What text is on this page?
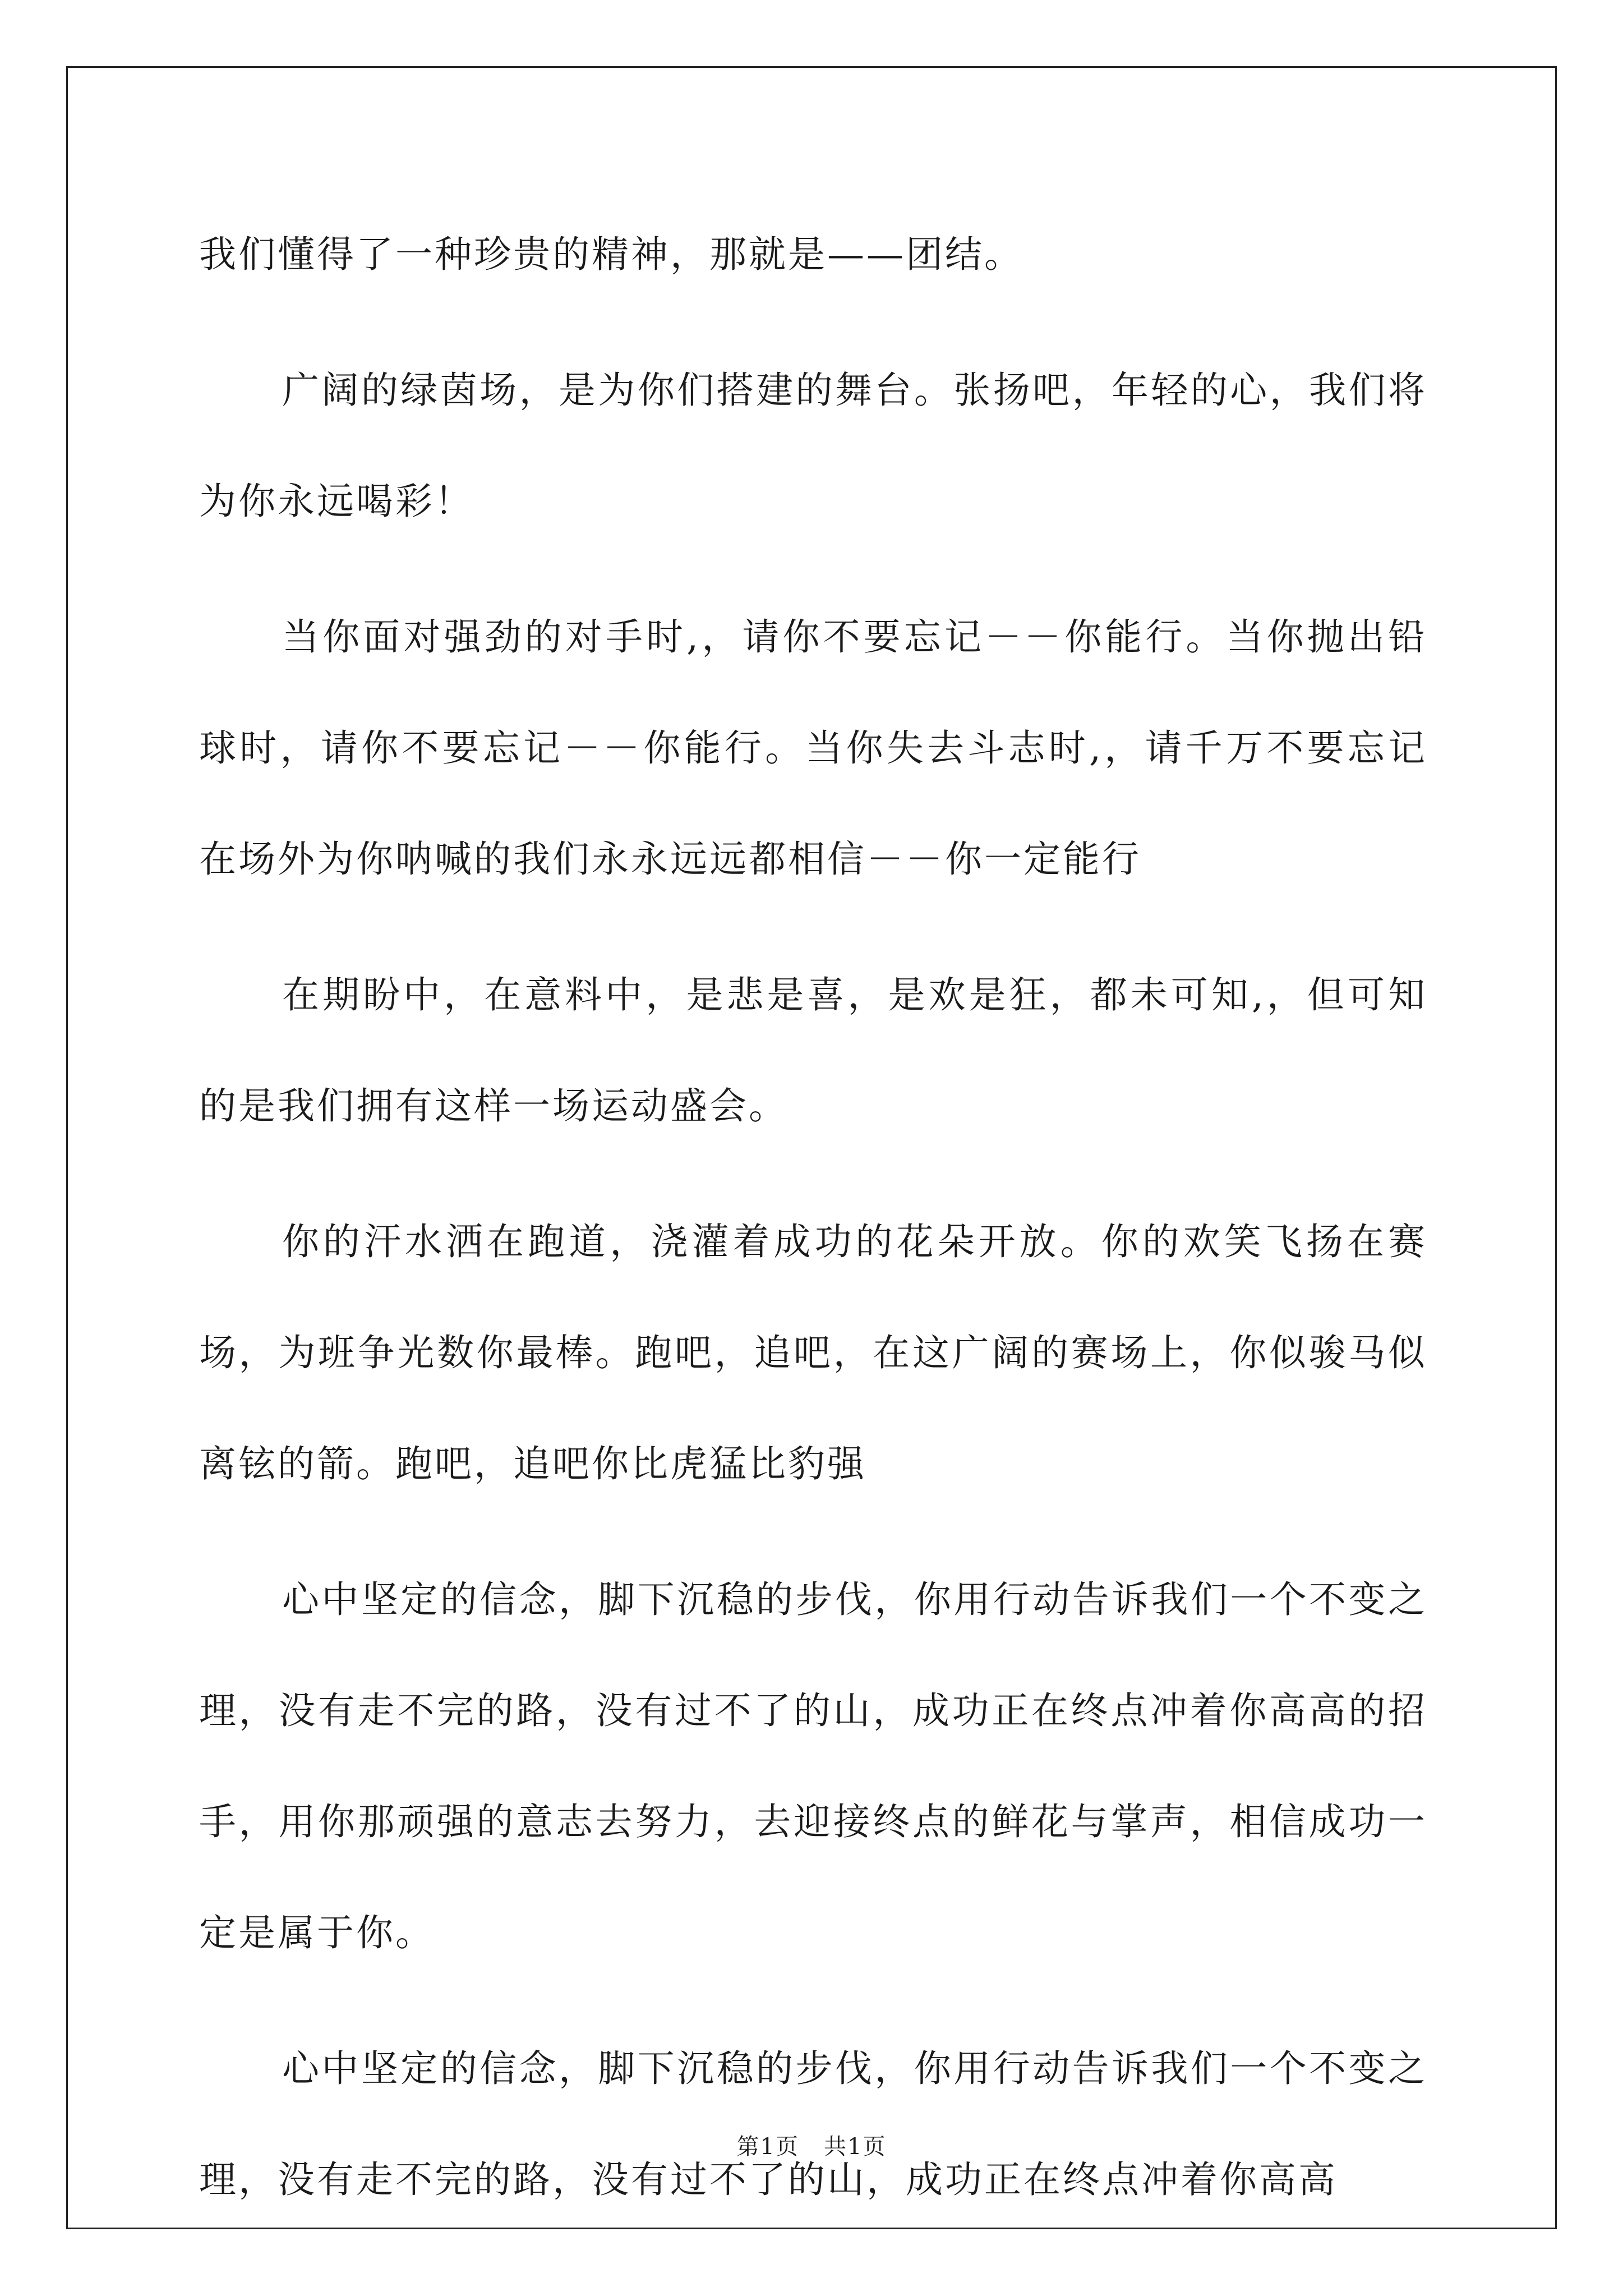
我们懂得了一种珍贵的精神，那就是——团结。

广阔的绿茵场，是为你们搭建的舞台。张扬吧，年轻的心，我们将为你永远喝彩！

当你面对强劲的对手时,，请你不要忘记－－你能行。当你抛出铅球时，请你不要忘记－－你能行。当你失去斗志时,，请千万不要忘记在场外为你呐喊的我们永永远远都相信－－你一定能行

在期盼中，在意料中，是悲是喜，是欢是狂，都未可知,，但可知的是我们拥有这样一场运动盛会。

你的汗水洒在跑道，浇灌着成功的花朵开放。你的欢笑飞扬在赛场，为班争光数你最棒。跑吧，追吧，在这广阔的赛场上，你似骏马似离铉的箭。跑吧，追吧你比虎猛比豹强

心中坚定的信念，脚下沉稳的步伐，你用行动告诉我们一个不变之理，没有走不完的路，没有过不了的山，成功正在终点冲着你高高的招手，用你那顽强的意志去努力，去迎接终点的鲜花与掌声，相信成功一定是属于你。

心中坚定的信念，脚下沉稳的步伐，你用行动告诉我们一个不变之理，没有走不完的路，没有过不了的山，成功正在终点冲着你高高

第1页 共1页
